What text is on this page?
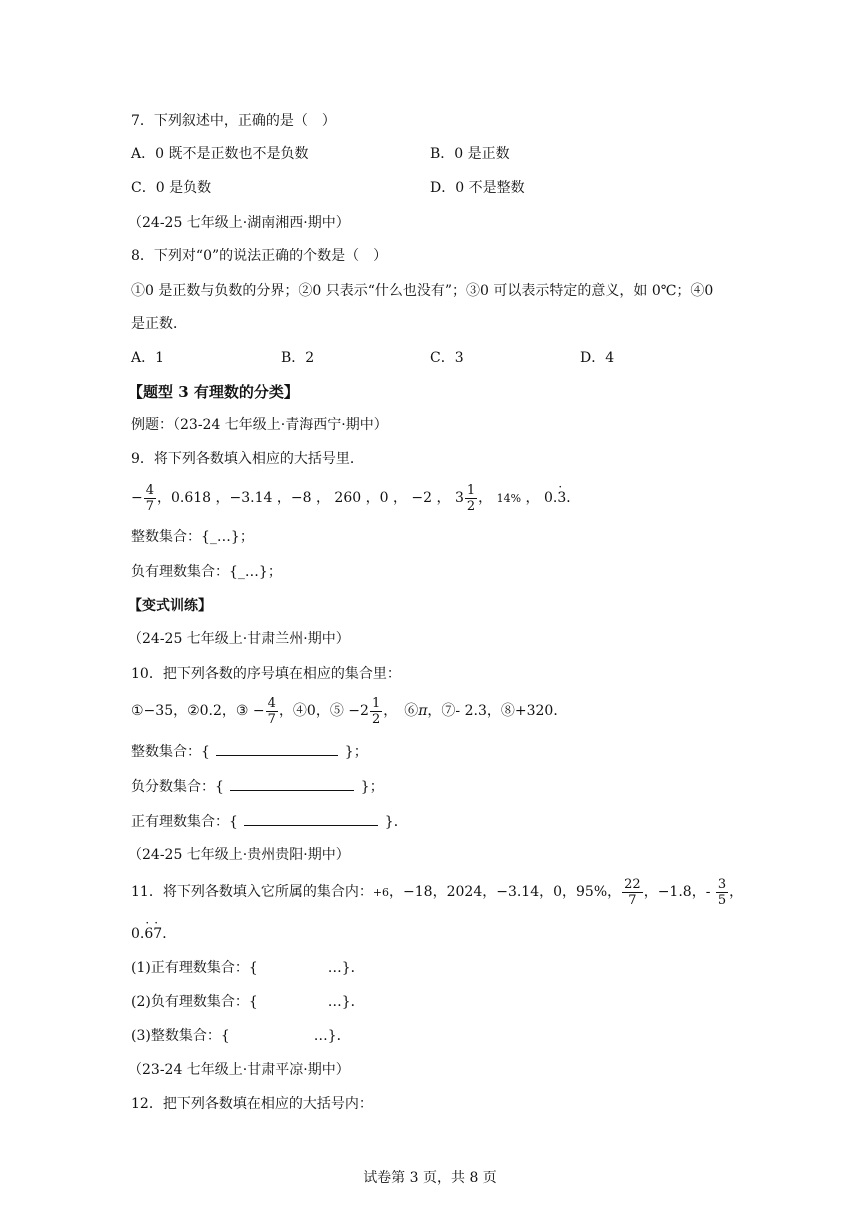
7．下列叙述中，正确的是（　）
A．0 既不是正数也不是负数	B．0 是正数
C．0 是负数	D．0 不是整数
（24-25 七年级上·湖南湘西·期中）
8．下列对“0”的说法正确的个数是（　）
①0 是正数与负数的分界；②0 只表示“什么也没有”；③0 可以表示特定的意义，如 0℃；④0
是正数．
A．1	B．2	C．3	D．4
【题型 3 有理数的分类】
例题：（23-24 七年级上·青海西宁·期中）
9．将下列各数填入相应的大括号里．
− $\frac{4}{7}$ ，0.618 ，−3.14 ，−8 ， 260 ，0 ， −2 ， $3 \frac{1}{2}$ ， 14% ， 0.· 3．
整数集合：{_…}；
负有理数集合：{_…}；
【变式训练】
（24-25 七年级上·甘肃兰州·期中）
10．把下列各数的序号填在相应的集合里：
①−35，②0.2，③ − $\frac{4}{7}$ ，④0，⑤ $-2 \frac{1}{2}$ ，　⑥π，⑦- 2.3，⑧+320．
整数集合：{	}；
负分数集合：{	}；
正有理数集合：{	}．
（24-25 七年级上·贵州贵阳·期中）
11．将下列各数填入它所属的集合内：+6，−18，2024，−3.14，0，95%， $\frac{22}{7}$ ，−1.8，- $\frac{3}{5}$ ，
0.· 6· 7．
(1)正有理数集合：{　　　　　…}．
(2)负有理数集合：{　　　　　…}．
(3)整数集合：{　　　　　　…}．
（23-24 七年级上·甘肃平凉·期中）
12．把下列各数填在相应的大括号内：
试卷第 3 页，共 8 页
